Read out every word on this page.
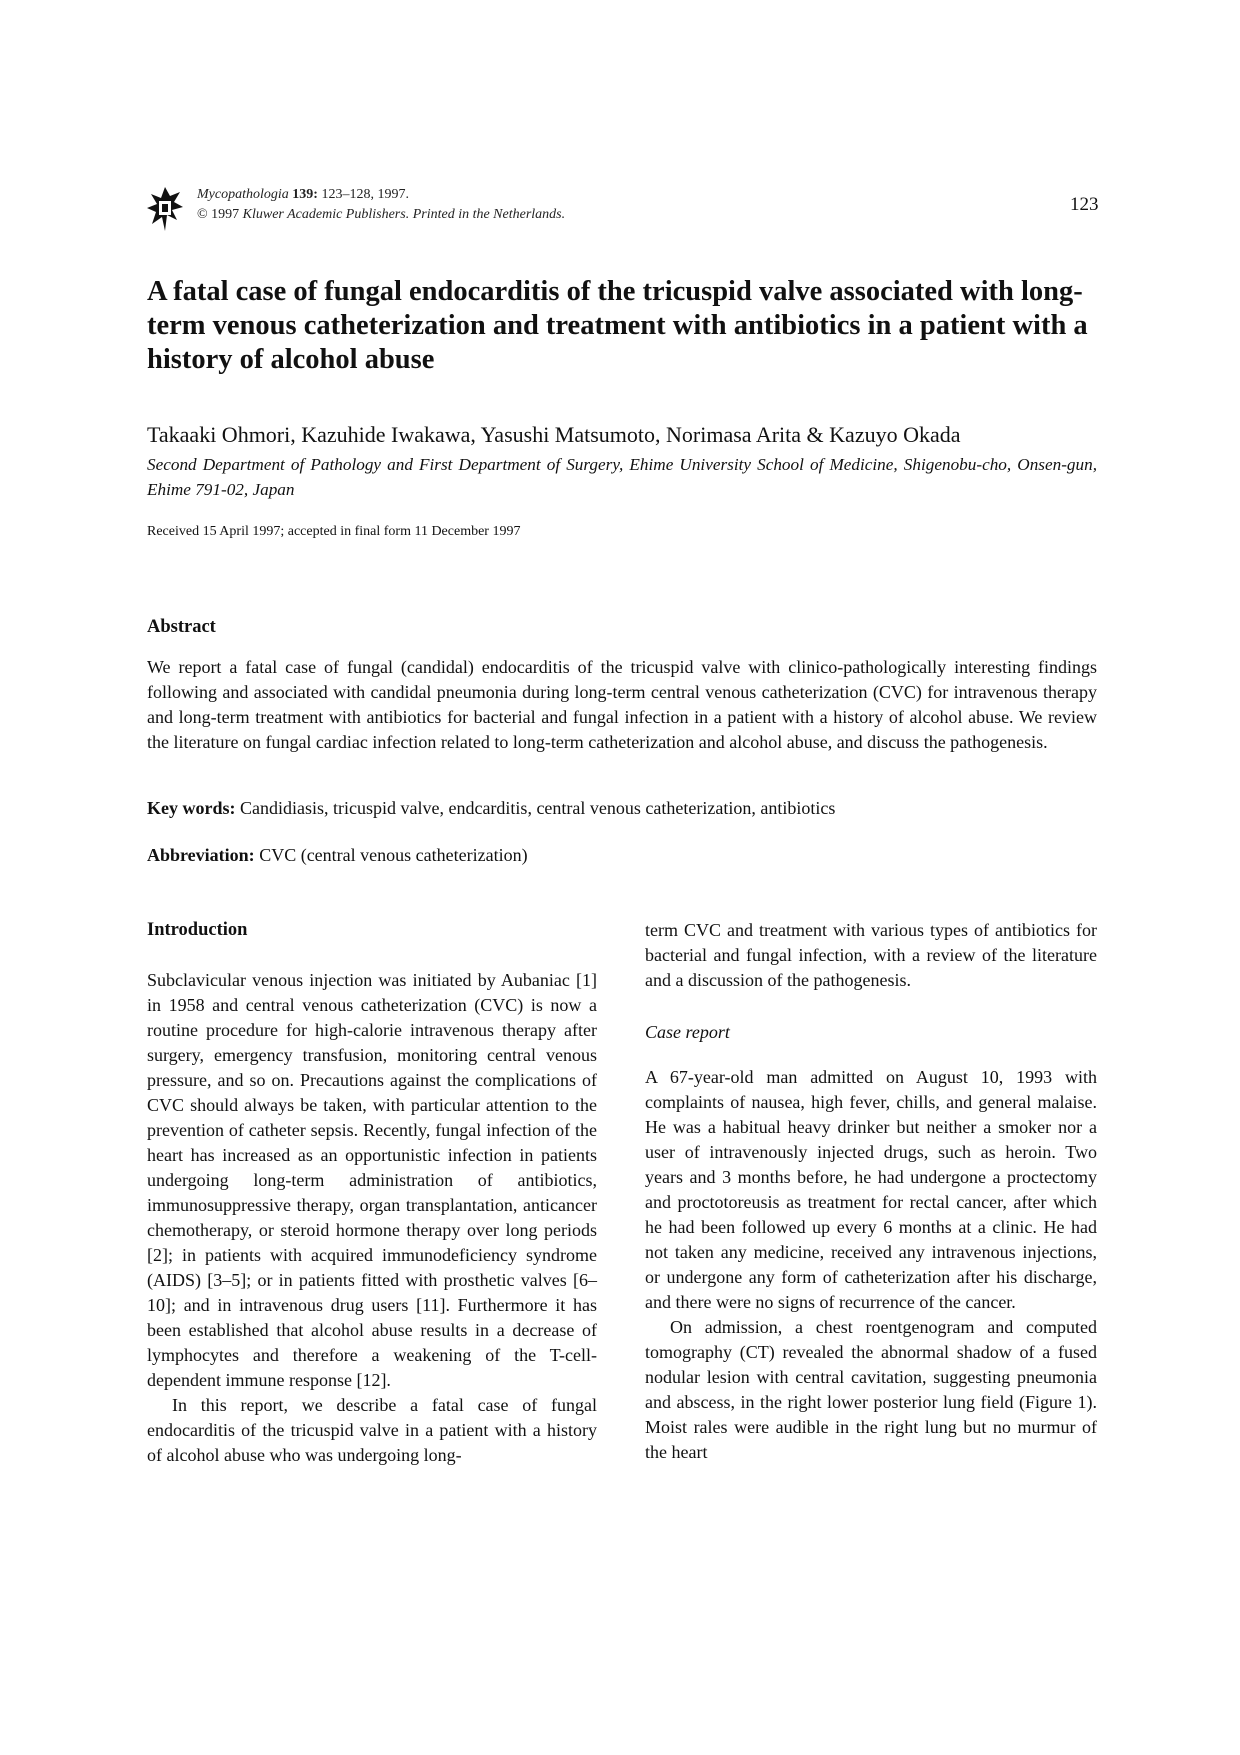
Mycopathologia 139: 123–128, 1997.
© 1997 Kluwer Academic Publishers. Printed in the Netherlands.	123
A fatal case of fungal endocarditis of the tricuspid valve associated with long-term venous catheterization and treatment with antibiotics in a patient with a history of alcohol abuse
Takaaki Ohmori, Kazuhide Iwakawa, Yasushi Matsumoto, Norimasa Arita & Kazuyo Okada
Second Department of Pathology and First Department of Surgery, Ehime University School of Medicine, Shigenobu-cho, Onsen-gun, Ehime 791-02, Japan
Received 15 April 1997; accepted in final form 11 December 1997
Abstract

We report a fatal case of fungal (candidal) endocarditis of the tricuspid valve with clinico-pathologically interesting findings following and associated with candidal pneumonia during long-term central venous catheterization (CVC) for intravenous therapy and long-term treatment with antibiotics for bacterial and fungal infection in a patient with a history of alcohol abuse. We review the literature on fungal cardiac infection related to long-term catheterization and alcohol abuse, and discuss the pathogenesis.

Key words: Candidiasis, tricuspid valve, endcarditis, central venous catheterization, antibiotics
Abbreviation: CVC (central venous catheterization)
Introduction

Subclavicular venous injection was initiated by Aubaniac [1] in 1958 and central venous catheterization (CVC) is now a routine procedure for high-calorie intravenous therapy after surgery, emergency transfusion, monitoring central venous pressure, and so on. Precautions against the complications of CVC should always be taken, with particular attention to the prevention of catheter sepsis. Recently, fungal infection of the heart has increased as an opportunistic infection in patients undergoing long-term administration of antibiotics, immunosuppressive therapy, organ transplantation, anticancer chemotherapy, or steroid hormone therapy over long periods [2]; in patients with acquired immunodeficiency syndrome (AIDS) [3–5]; or in patients fitted with prosthetic valves [6–10]; and in intravenous drug users [11]. Furthermore it has been established that alcohol abuse results in a decrease of lymphocytes and therefore a weakening of the T-cell-dependent immune response [12].

In this report, we describe a fatal case of fungal endocarditis of the tricuspid valve in a patient with a history of alcohol abuse who was undergoing long-

term CVC and treatment with various types of antibiotics for bacterial and fungal infection, with a review of the literature and a discussion of the pathogenesis.

Case report

A 67-year-old man admitted on August 10, 1993 with complaints of nausea, high fever, chills, and general malaise. He was a habitual heavy drinker but neither a smoker nor a user of intravenously injected drugs, such as heroin. Two years and 3 months before, he had undergone a proctectomy and proctotoreusis as treatment for rectal cancer, after which he had been followed up every 6 months at a clinic. He had not taken any medicine, received any intravenous injections, or undergone any form of catheterization after his discharge, and there were no signs of recurrence of the cancer.

On admission, a chest roentgenogram and computed tomography (CT) revealed the abnormal shadow of a fused nodular lesion with central cavitation, suggesting pneumonia and abscess, in the right lower posterior lung field (Figure 1). Moist rales were audible in the right lung but no murmur of the heart
